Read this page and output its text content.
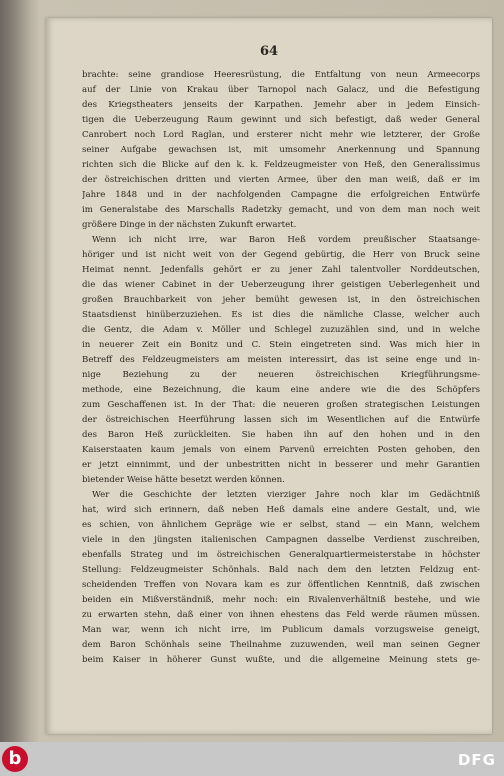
64
brachte: seine grandiose Heeresrüstung, die Entfaltung von neun Armeecorps
auf der Linie von Krakau über Tarnopol nach Galacz, und die Befestigung
des Kriegstheaters jenseits der Karpathen. Jemehr aber in jedem Einsich-
tigen die Ueberzeugung Raum gewinnt und sich befestigt, daß weder General
Canrobert noch Lord Raglan, und ersterer nicht mehr wie letzterer, der Große
seiner Aufgabe gewachsen ist, mit umsomehr Anerkennung und Spannung
richten sich die Blicke auf den k. k. Feldzeugmeister von Heß, den Generalissimus
der östreichischen dritten und vierten Armee, über den man weiß, daß er im
Jahre 1848 und in der nachfolgenden Campagne die erfolgreichen Entwürfe
im Generalstabe des Marschalls Radetzky gemacht, und von dem man noch weit
größere Dinge in der nächsten Zukunft erwartet.
Wenn ich nicht irre, war Baron Heß vordem preußischer Staatsange-
höriger und ist nicht weit von der Gegend gebürtig, die Herr von Bruck seine
Heimat nennt. Jedenfalls gehört er zu jener Zahl talentvoller Norddeutschen,
die das wiener Cabinet in der Ueberzeugung ihrer geistigen Ueberlegenheit und
großen Brauchbarkeit von jeher bemüht gewesen ist, in den östreichischen
Staatsdienst hinüberzuziehen. Es ist dies die nämliche Classe, welcher auch
die Gentz, die Adam v. Möller und Schlegel zuzuzählen sind, und in welche
in neuerer Zeit ein Bonitz und C. Stein eingetreten sind. Was mich hier in
Betreff des Feldzeugmeisters am meisten interessirt, das ist seine enge und in-
nige Beziehung zu der neueren östreichischen Kriegführungsme-
methode, eine Bezeichnung, die kaum eine andere wie die des Schöpfers
zum Geschaffenen ist. In der That: die neueren großen strategischen Leistungen
der östreichischen Heerführung lassen sich im Wesentlichen auf die Entwürfe
des Baron Heß zurückleiten. Sie haben ihn auf den hohen und in den
Kaiserstaaten kaum jemals von einem Parvenü erreichten Posten gehoben, den
er jetzt einnimmt, und der unbestritten nicht in besserer und mehr Garantien
bietender Weise hätte besetzt werden können.
Wer die Geschichte der letzten vierziger Jahre noch klar im Gedächtniß
hat, wird sich erinnern, daß neben Heß damals eine andere Gestalt, und, wie
es schien, von ähnlichem Gepräge wie er selbst, stand — ein Mann, welchem
viele in den jüngsten italienischen Campagnen dasselbe Verdienst zuschreiben,
ebenfalls Strateg und im östreichischen Generalquartiermeisterstabe in höchster
Stellung: Feldzeugmeister Schönhals. Bald nach dem den letzten Feldzug ent-
scheidenden Treffen von Novara kam es zur öffentlichen Kenntniß, daß zwischen
beiden ein Mißverständniß, mehr noch: ein Rivalenverhältniß bestehe, und wie
zu erwarten stehn, daß einer von ihnen ehestens das Feld werde räumen müssen.
Man war, wenn ich nicht irre, im Publicum damals vorzugsweise geneigt,
dem Baron Schönhals seine Theilnahme zuzuwenden, weil man seinen Gegner
beim Kaiser in höherer Gunst wußte, und die allgemeine Meinung stets ge-
b	DFG
